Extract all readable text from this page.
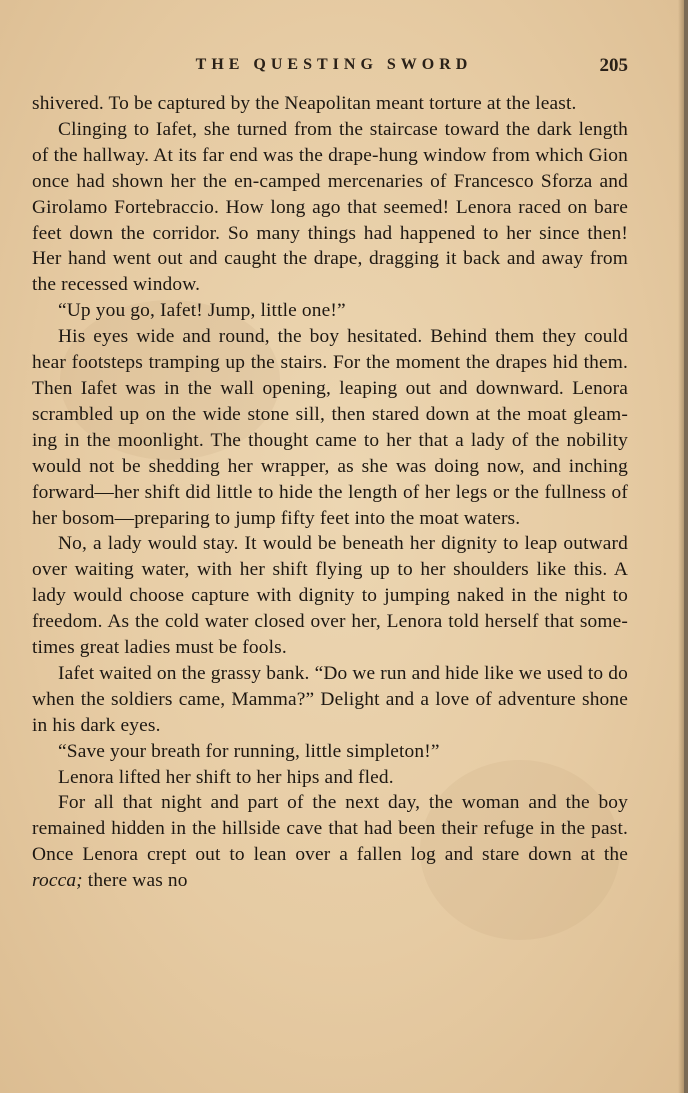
THE QUESTING SWORD	205

shivered. To be captured by the Neapolitan meant torture at the least.

Clinging to Iafet, she turned from the staircase toward the dark length of the hallway. At its far end was the drape-hung window from which Gion once had shown her the en-camped mercenaries of Francesco Sforza and Girolamo Fortebraccio. How long ago that seemed! Lenora raced on bare feet down the corridor. So many things had happened to her since then! Her hand went out and caught the drape, dragging it back and away from the recessed window.

“Up you go, Iafet! Jump, little one!”

His eyes wide and round, the boy hesitated. Behind them they could hear footsteps tramping up the stairs. For the moment the drapes hid them. Then Iafet was in the wall opening, leaping out and downward. Lenora scrambled up on the wide stone sill, then stared down at the moat gleam-ing in the moonlight. The thought came to her that a lady of the nobility would not be shedding her wrapper, as she was doing now, and inching forward—her shift did little to hide the length of her legs or the fullness of her bosom—preparing to jump fifty feet into the moat waters.

No, a lady would stay. It would be beneath her dignity to leap outward over waiting water, with her shift flying up to her shoulders like this. A lady would choose capture with dignity to jumping naked in the night to freedom. As the cold water closed over her, Lenora told herself that some-times great ladies must be fools.

Iafet waited on the grassy bank. “Do we run and hide like we used to do when the soldiers came, Mamma?” Delight and a love of adventure shone in his dark eyes.

“Save your breath for running, little simpleton!”

Lenora lifted her shift to her hips and fled.

For all that night and part of the next day, the woman and the boy remained hidden in the hillside cave that had been their refuge in the past. Once Lenora crept out to lean over a fallen log and stare down at the rocca; there was no
